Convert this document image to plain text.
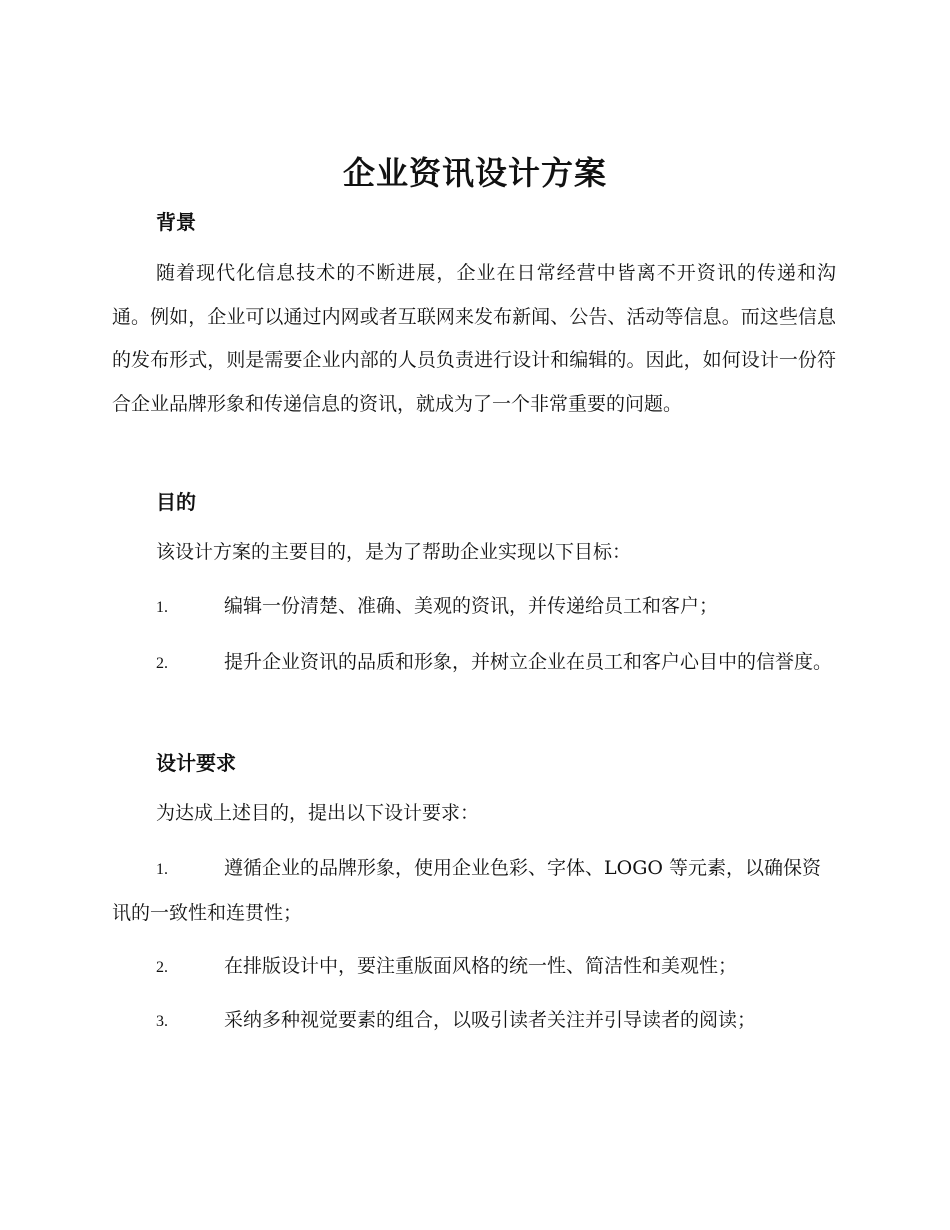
企业资讯设计方案
背景

随着现代化信息技术的不断进展，企业在日常经营中皆离不开资讯的传递和沟通。例如，企业可以通过内网或者互联网来发布新闻、公告、活动等信息。而这些信息的发布形式，则是需要企业内部的人员负责进行设计和编辑的。因此，如何设计一份符合企业品牌形象和传递信息的资讯，就成为了一个非常重要的问题。

目的

该设计方案的主要目的，是为了帮助企业实现以下目标：

1.	编辑一份清楚、准确、美观的资讯，并传递给员工和客户；
2.	提升企业资讯的品质和形象，并树立企业在员工和客户心目中的信誉度。
设计要求

为达成上述目的，提出以下设计要求：

1.	遵循企业的品牌形象，使用企业色彩、字体、LOGO 等元素，以确保资讯的一致性和连贯性；
2.	在排版设计中，要注重版面风格的统一性、简洁性和美观性；
3.	采纳多种视觉要素的组合，以吸引读者关注并引导读者的阅读；
